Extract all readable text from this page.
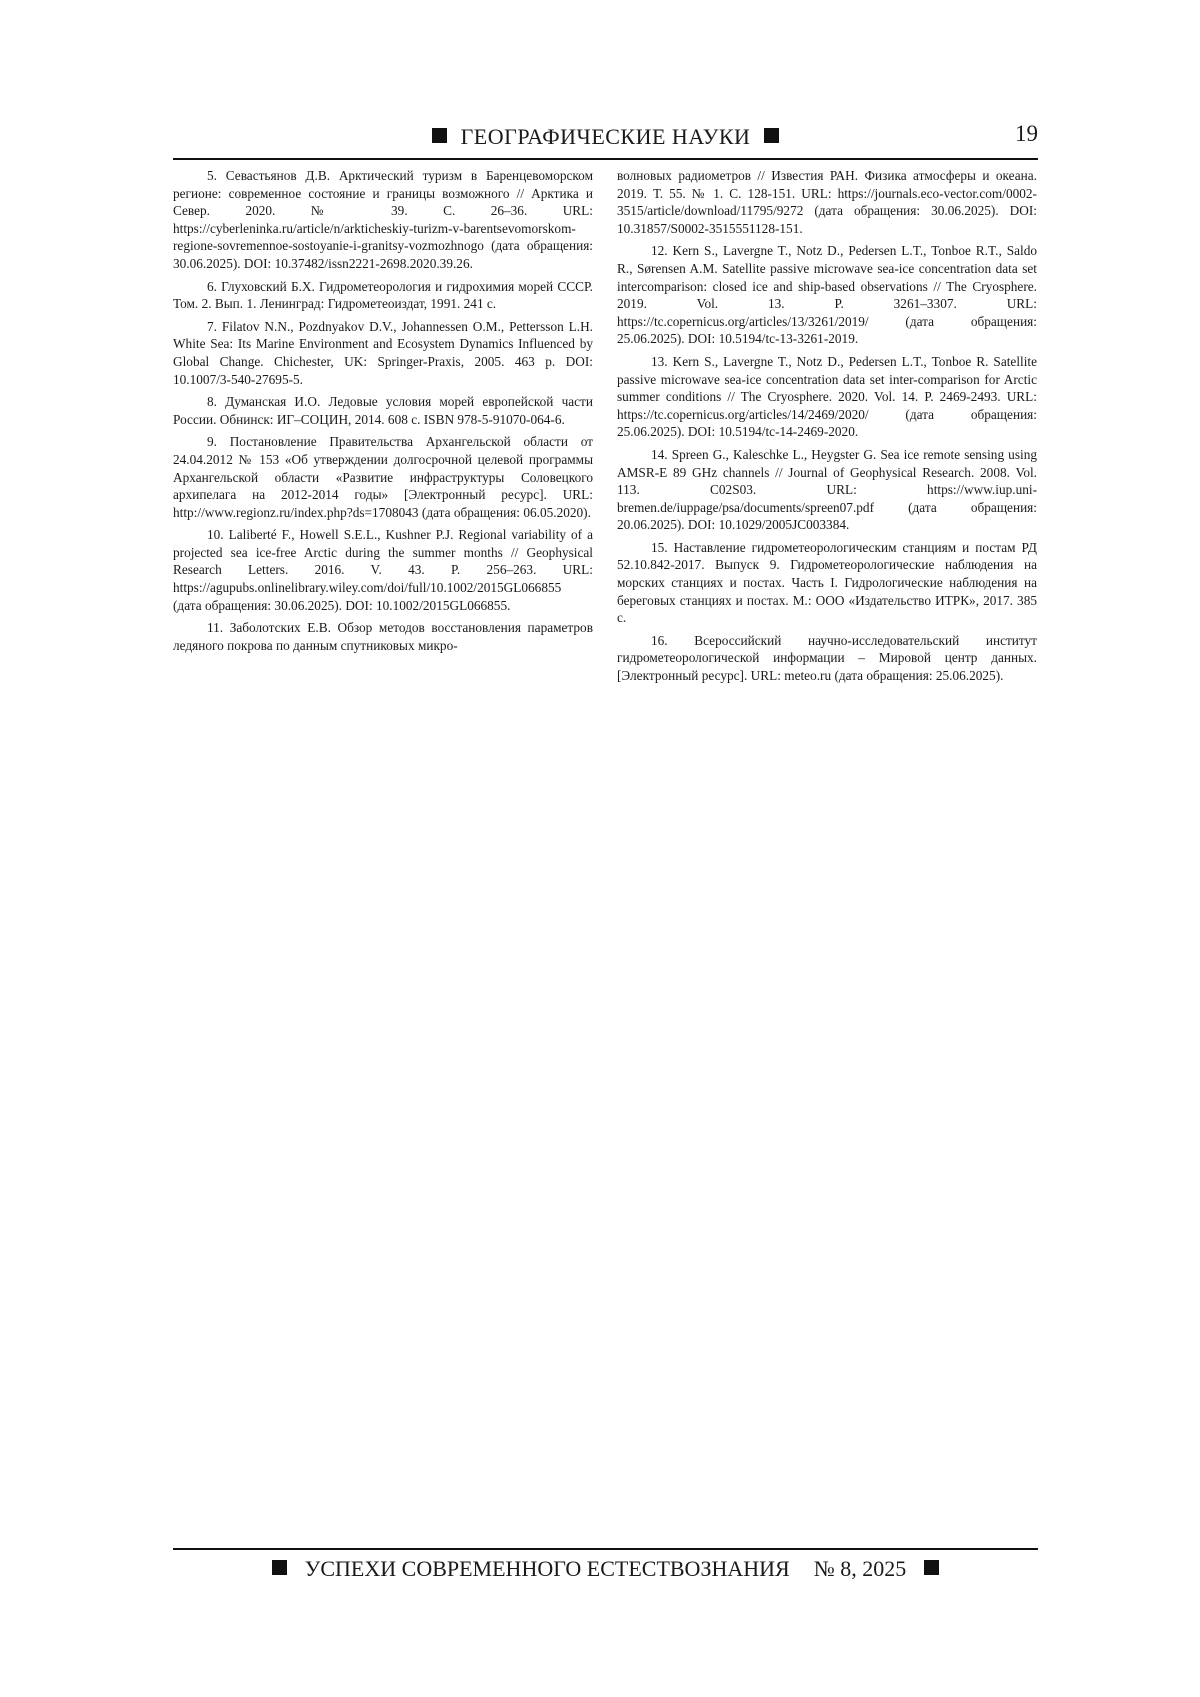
ГЕОГРАФИЧЕСКИЕ НАУКИ	19

5. Севастьянов Д.В. Арктический туризм в Баренцевоморском регионе: современное состояние и границы возможного // Арктика и Север. 2020. № 39. С. 26–36. URL: https://cyberleninka.ru/article/n/arkticheskiy-turizm-v-barentsevomorskom-regione-sovremennoe-sostoyanie-i-granitsy-vozmozhnogo (дата обращения: 30.06.2025). DOI: 10.37482/issn2221-2698.2020.39.26.

6. Глуховский Б.Х. Гидрометеорология и гидрохимия морей СССР. Том. 2. Вып. 1. Ленинград: Гидрометеоиздат, 1991. 241 с.

7. Filatov N.N., Pozdnyakov D.V., Johannessen O.M., Pettersson L.H. White Sea: Its Marine Environment and Ecosystem Dynamics Influenced by Global Change. Chichester, UK: Springer-Praxis, 2005. 463 p. DOI: 10.1007/3-540-27695-5.

8. Думанская И.О. Ледовые условия морей европейской части России. Обнинск: ИГ–СОЦИН, 2014. 608 с. ISBN 978-5-91070-064-6.

9. Постановление Правительства Архангельской области от 24.04.2012 № 153 «Об утверждении долгосрочной целевой программы Архангельской области «Развитие инфраструктуры Соловецкого архипелага на 2012-2014 годы» [Электронный ресурс]. URL: http://www.regionz.ru/index.php?ds=1708043 (дата обращения: 06.05.2020).

10. Laliberté F., Howell S.E.L., Kushner P.J. Regional variability of a projected sea ice-free Arctic during the summer months // Geophysical Research Letters. 2016. V. 43. P. 256–263. URL: https://agupubs.onlinelibrary.wiley.com/doi/full/10.1002/2015GL066855 (дата обращения: 30.06.2025). DOI: 10.1002/2015GL066855.

11. Заболотских Е.В. Обзор методов восстановления параметров ледяного покрова по данным спутниковых микро-

волновых радиометров // Известия РАН. Физика атмосферы и океана. 2019. Т. 55. № 1. С. 128-151. URL: https://journals.eco-vector.com/0002-3515/article/download/11795/9272 (дата обращения: 30.06.2025). DOI: 10.31857/S0002-3515551128-151.

12. Kern S., Lavergne T., Notz D., Pedersen L.T., Tonboe R.T., Saldo R., Sørensen A.M. Satellite passive microwave sea-ice concentration data set intercomparison: closed ice and ship-based observations // The Cryosphere. 2019. Vol. 13. P. 3261–3307. URL: https://tc.copernicus.org/articles/13/3261/2019/ (дата обращения: 25.06.2025). DOI: 10.5194/tc-13-3261-2019.

13. Kern S., Lavergne T., Notz D., Pedersen L.T., Tonboe R. Satellite passive microwave sea-ice concentration data set inter-comparison for Arctic summer conditions // The Cryosphere. 2020. Vol. 14. P. 2469-2493. URL: https://tc.copernicus.org/articles/14/2469/2020/ (дата обращения: 25.06.2025). DOI: 10.5194/tc-14-2469-2020.

14. Spreen G., Kaleschke L., Heygster G. Sea ice remote sensing using AMSR-E 89 GHz channels // Journal of Geophysical Research. 2008. Vol. 113. C02S03. URL: https://www.iup.uni-bremen.de/iuppage/psa/documents/spreen07.pdf (дата обращения: 20.06.2025). DOI: 10.1029/2005JC003384.

15. Наставление гидрометеорологическим станциям и постам РД 52.10.842-2017. Выпуск 9. Гидрометеорологические наблюдения на морских станциях и постах. Часть I. Гидрологические наблюдения на береговых станциях и постах. М.: ООО «Издательство ИТРК», 2017. 385 с.

16. Всероссийский научно-исследовательский институт гидрометеорологической информации – Мировой центр данных. [Электронный ресурс]. URL: meteo.ru (дата обращения: 25.06.2025).

УСПЕХИ СОВРЕМЕННОГО ЕСТЕСТВОЗНАНИЯ № 8, 2025
